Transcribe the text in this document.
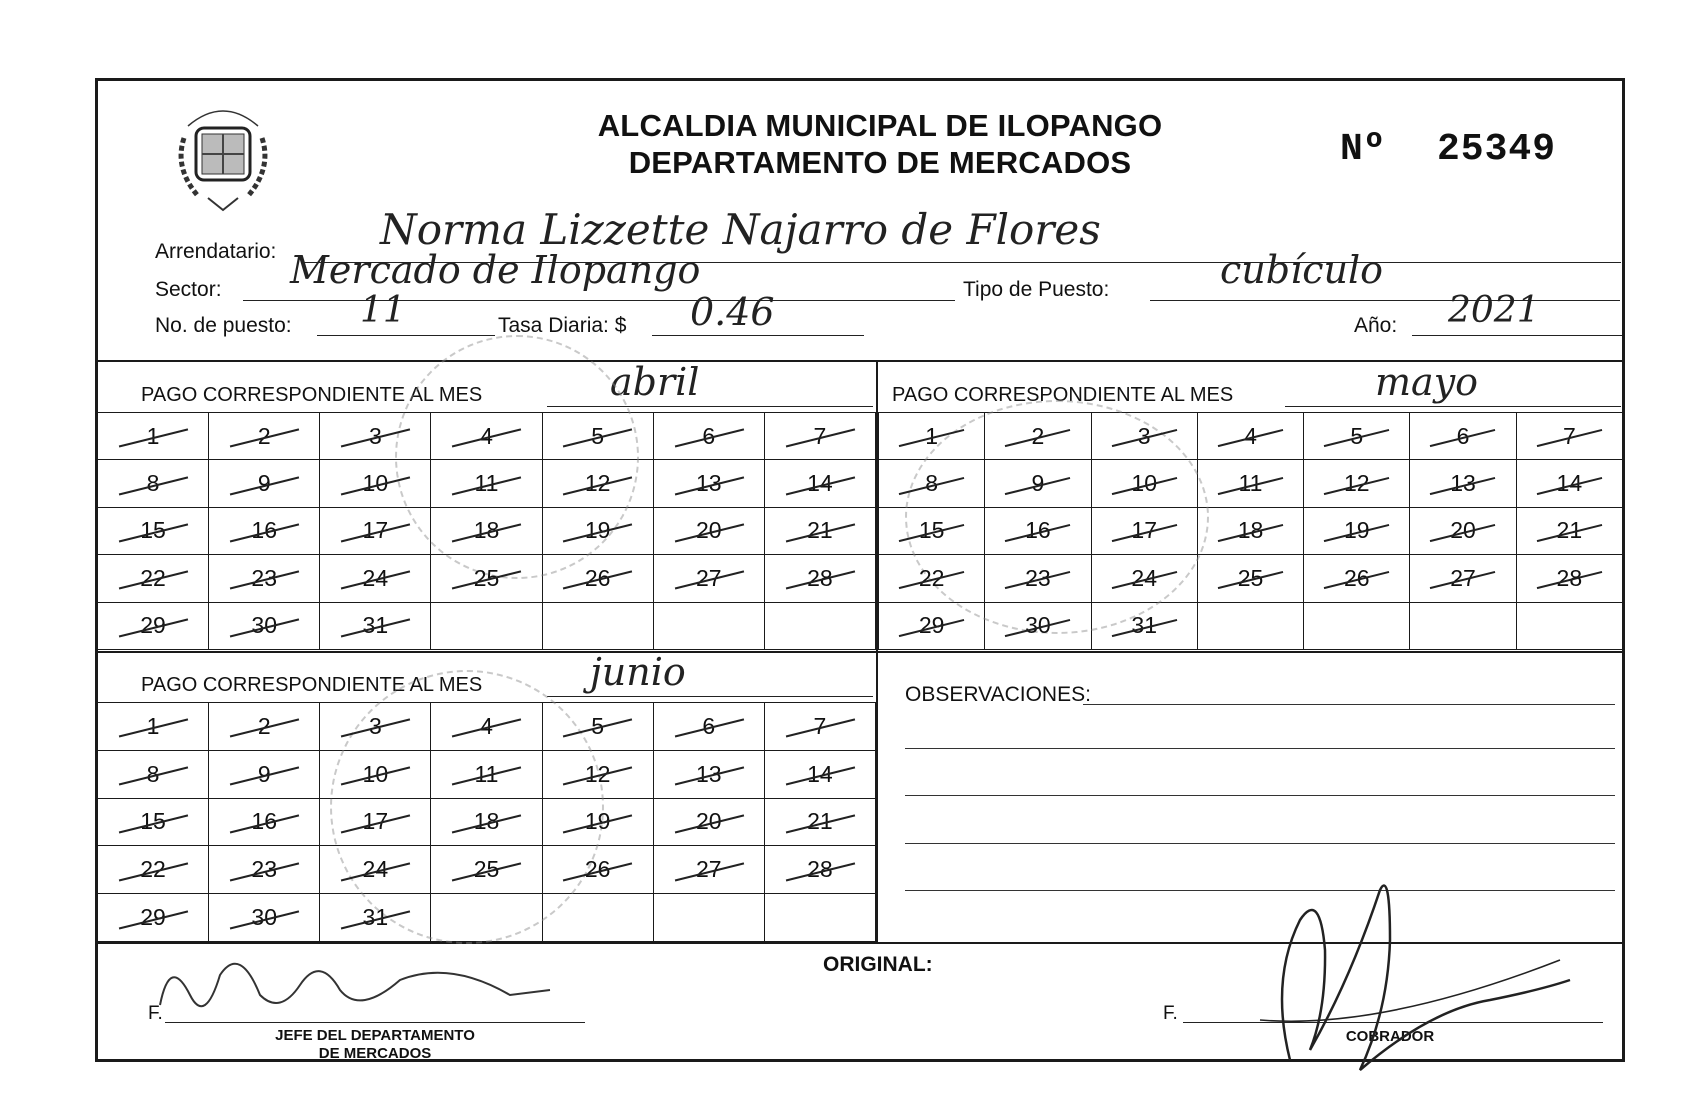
ALCALDIA MUNICIPAL DE ILOPANGO
DEPARTAMENTO DE MERCADOS	Nº 25349
Arrendatario: Norma Lizzette Najarro de Flores
Sector: Mercado de Ilopango	Tipo de Puesto:	cubículo
No. de puesto: 11	Tasa Diaria: $ 0.46	Año: 2021
PAGO CORRESPONDIENTE AL MES	abril	PAGO CORRESPONDIENTE AL MES	mayo
PAGO CORRESPONDIENTE AL MES	junio
1	2	3	4	5	6	7

8	9	10	11	12	13	14

15	16	17	18	19	20	21

22	23	24	25	26	27	28

29	30	31

1	2	3	4	5	6	7

8	9	10	11	12	13	14

15	16	17	18	19	20	21

22	23	24	25	26	27	28

29	30	31

1	2	3	4	5	6	7

8	9	10	11	12	13	14

15	16	17	18	19	20	21

22	23	24	25	26	27	28

29	30	31

OBSERVACIONES:
ORIGINAL:
F.
JEFE DEL DEPARTAMENTO
DE MERCADOS
F.
COBRADOR
